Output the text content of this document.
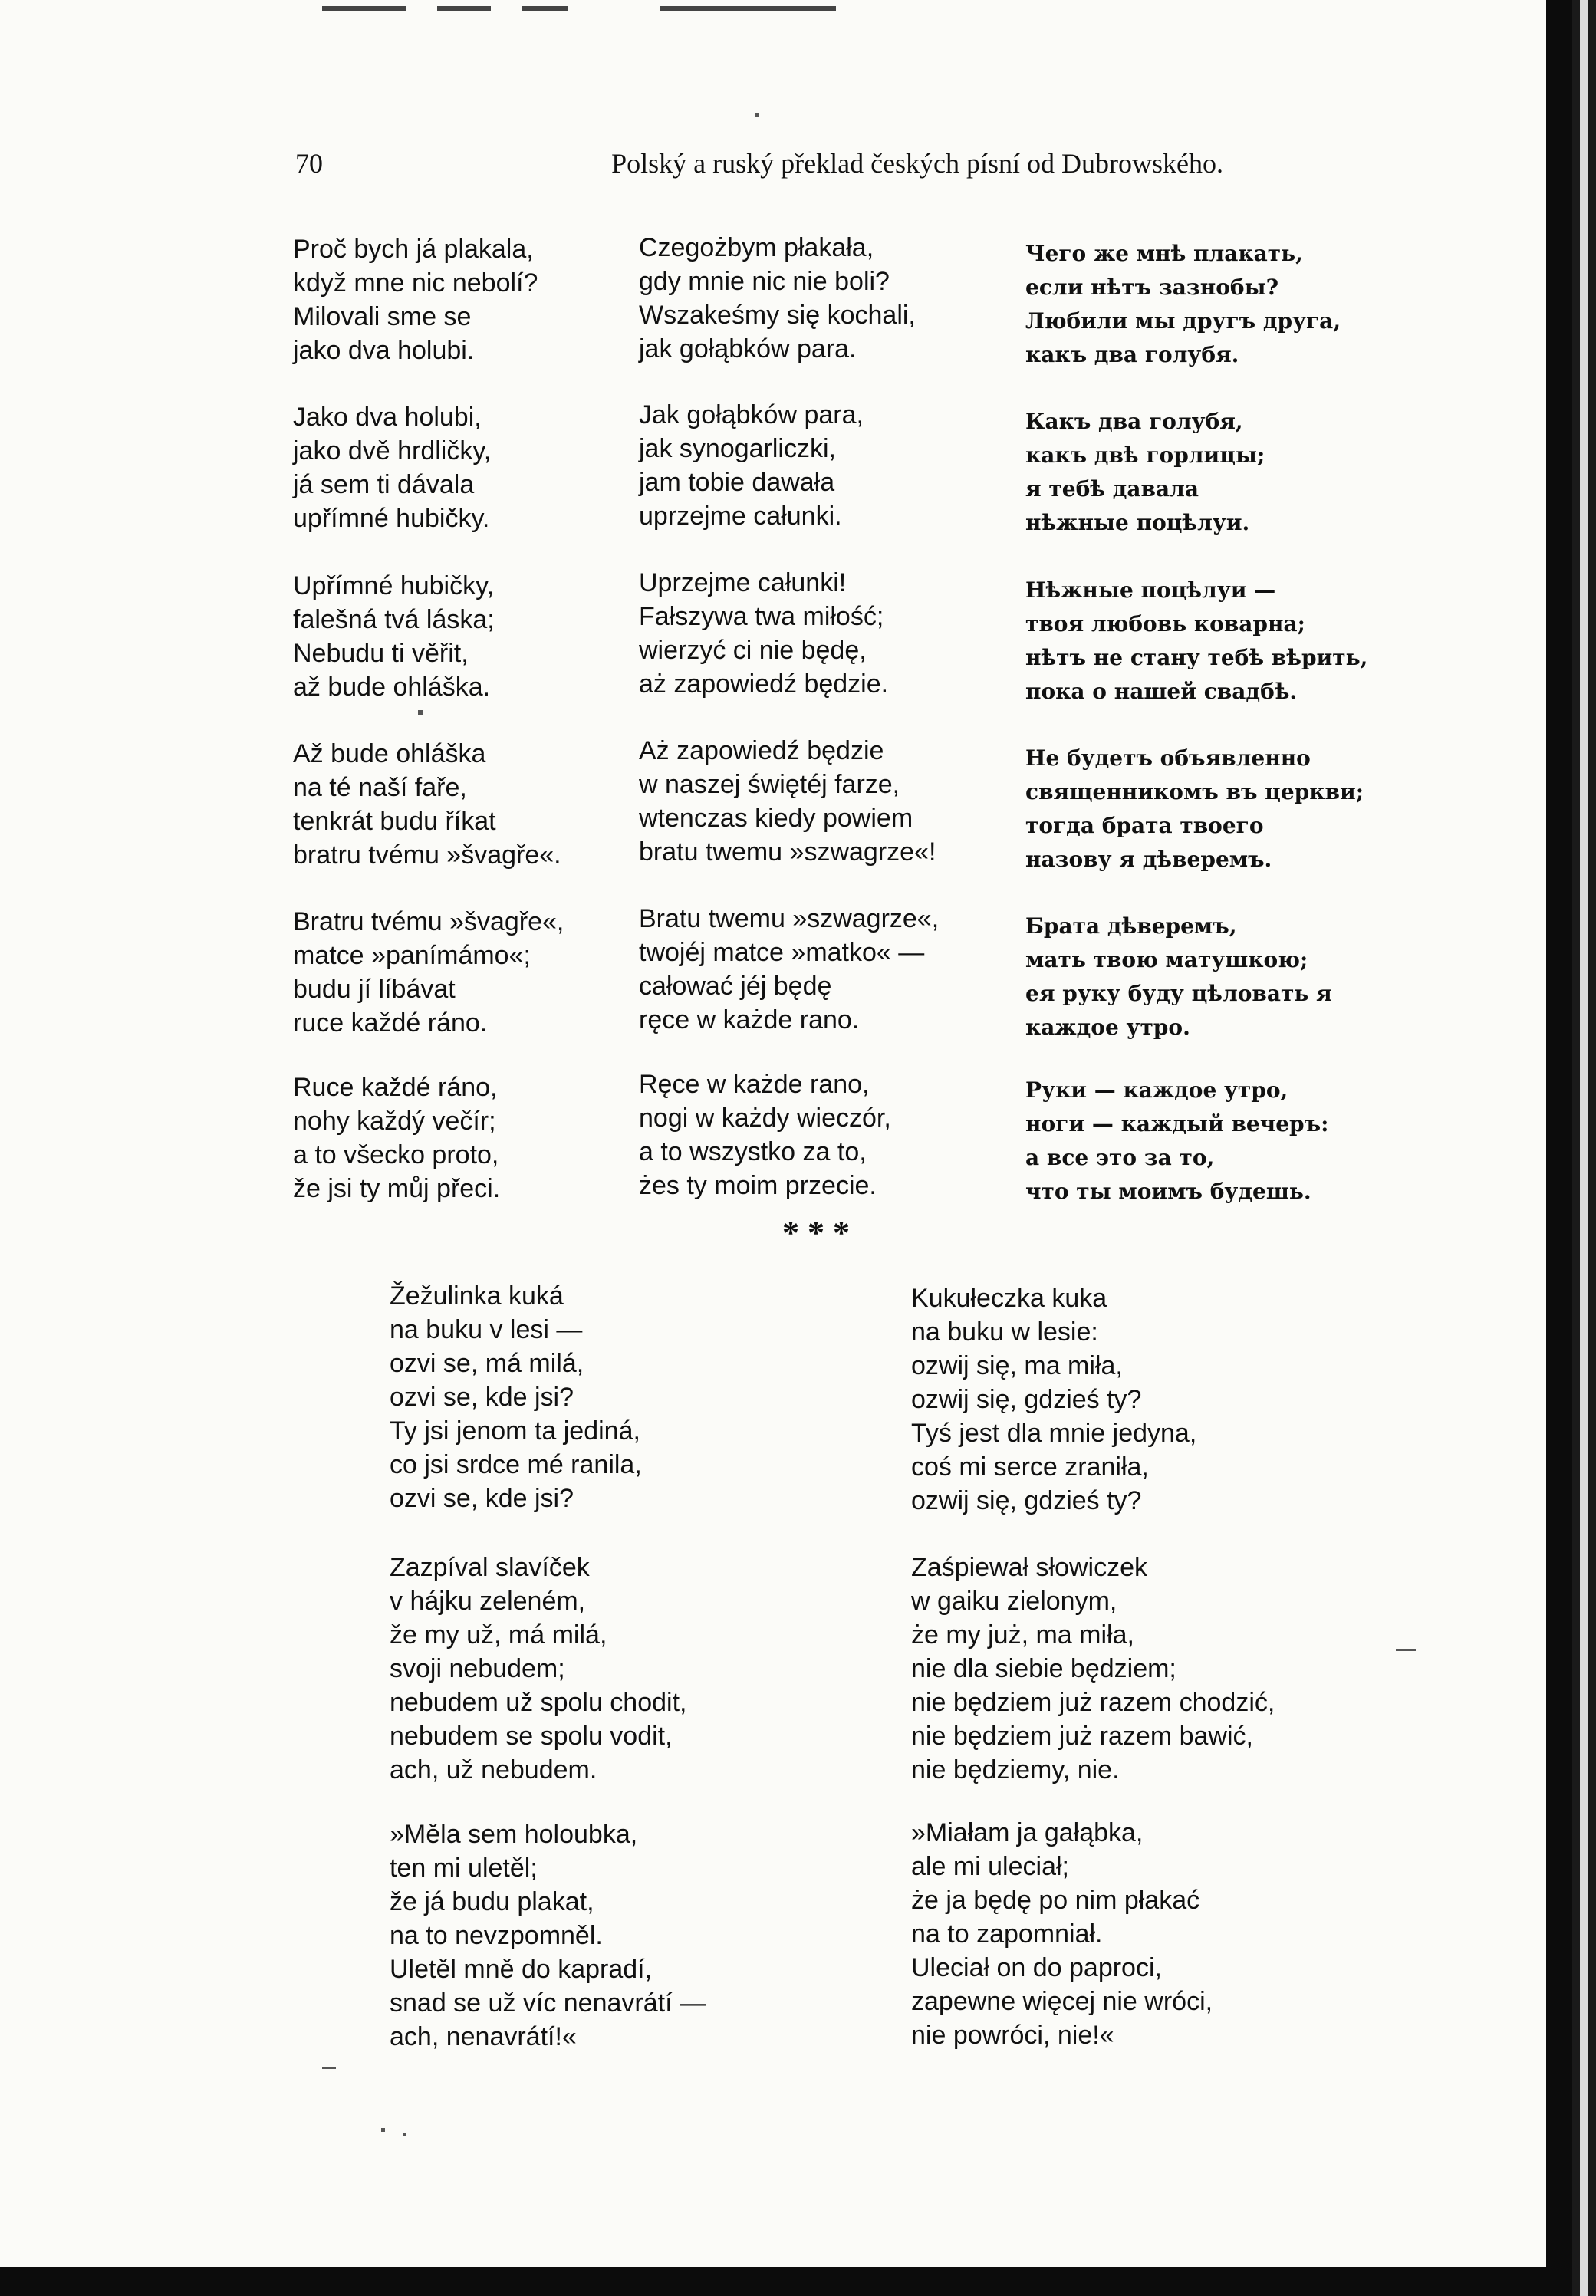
70	Polský a ruský překlad českých písní od Dubrowského.
Proč bych já plakala,
když mne nic nebolí?
Milovali sme se
jako dva holubi.
Jako dva holubi,
jako dvě hrdličky,
já sem ti dávala
upřímné hubičky.
Upřímné hubičky,
falešná tvá láska;
Nebudu ti věřit,
až bude ohláška.
Až bude ohláška
na té naší faře,
tenkrát budu říkat
bratru tvému »švagře«.
Bratru tvému »švagře«,
matce »panímámo«;
budu jí líbávat
ruce každé ráno.
Ruce každé ráno,
nohy každý večír;
a to všecko proto,
že jsi ty můj přeci.
Czegożbym płakała,
gdy mnie nic nie boli?
Wszakeśmy się kochali,
jak gołąbków para.
Jak gołąbków para,
jak synogarliczki,
jam tobie dawała
uprzejme całunki.
Uprzejme całunki!
Fałszywa twa miłość;
wierzyć ci nie będę,
aż zapowiedź będzie.
Aż zapowiedź będzie
w naszej świętéj farze,
wtenczas kiedy powiem
bratu twemu »szwagrze«!
Bratu twemu »szwagrze«,
twojéj matce »matko« —
całować jéj będę
ręce w każde rano.
Ręce w każde rano,
nogi w każdy wieczór,
a to wszystko za to,
żes ty moim przecie.
Чего же мнѣ плакать,
если нѣтъ зазнобы?
Любили мы другъ друга,
какъ два голубя.
Какъ два голубя,
какъ двѣ горлицы;
я тебѣ давала
нѣжные поцѣлуи.
Нѣжные поцѣлуи —
твоя любовь коварна;
нѣтъ не стану тебѣ вѣрить,
пока о нашей свадбѣ.
Не будетъ объявленно
священникомъ въ церкви;
тогда брата твоего
назову я дѣверемъ.
Брата дѣверемъ,
мать твою матушкою;
ея руку буду цѣловать я
каждое утро.
Руки — каждое утро,
ноги — каждый вечеръ:
а все это за то,
что ты моимъ будешь.
* * *
Žežulinka kuká
na buku v lesi —
ozvi se, má milá,
ozvi se, kde jsi?
Ty jsi jenom ta jediná,
co jsi srdce mé ranila,
ozvi se, kde jsi?
Zazpíval slavíček
v hájku zeleném,
že my už, má milá,
svoji nebudem;
nebudem už spolu chodit,
nebudem se spolu vodit,
ach, už nebudem.
»Měla sem holoubka,
ten mi uletěl;
že já budu plakat,
na to nevzpomněl.
Uletěl mně do kapradí,
snad se už víc nenavrátí —
ach, nenavrátí!«
Kukułeczka kuka
na buku w lesie:
ozwij się, ma miła,
ozwij się, gdzieś ty?
Tyś jest dla mnie jedyna,
coś mi serce zraniła,
ozwij się, gdzieś ty?
Zaśpiewał słowiczek
w gaiku zielonym,
że my już, ma miła,
nie dla siebie będziem;
nie będziem już razem chodzić,
nie będziem już razem bawić,
nie będziemy, nie.
»Miałam ja gałąbka,
ale mi uleciał;
że ja będę po nim płakać
na to zapomniał.
Uleciał on do paproci,
zapewne więcej nie wróci,
nie powróci, nie!«
